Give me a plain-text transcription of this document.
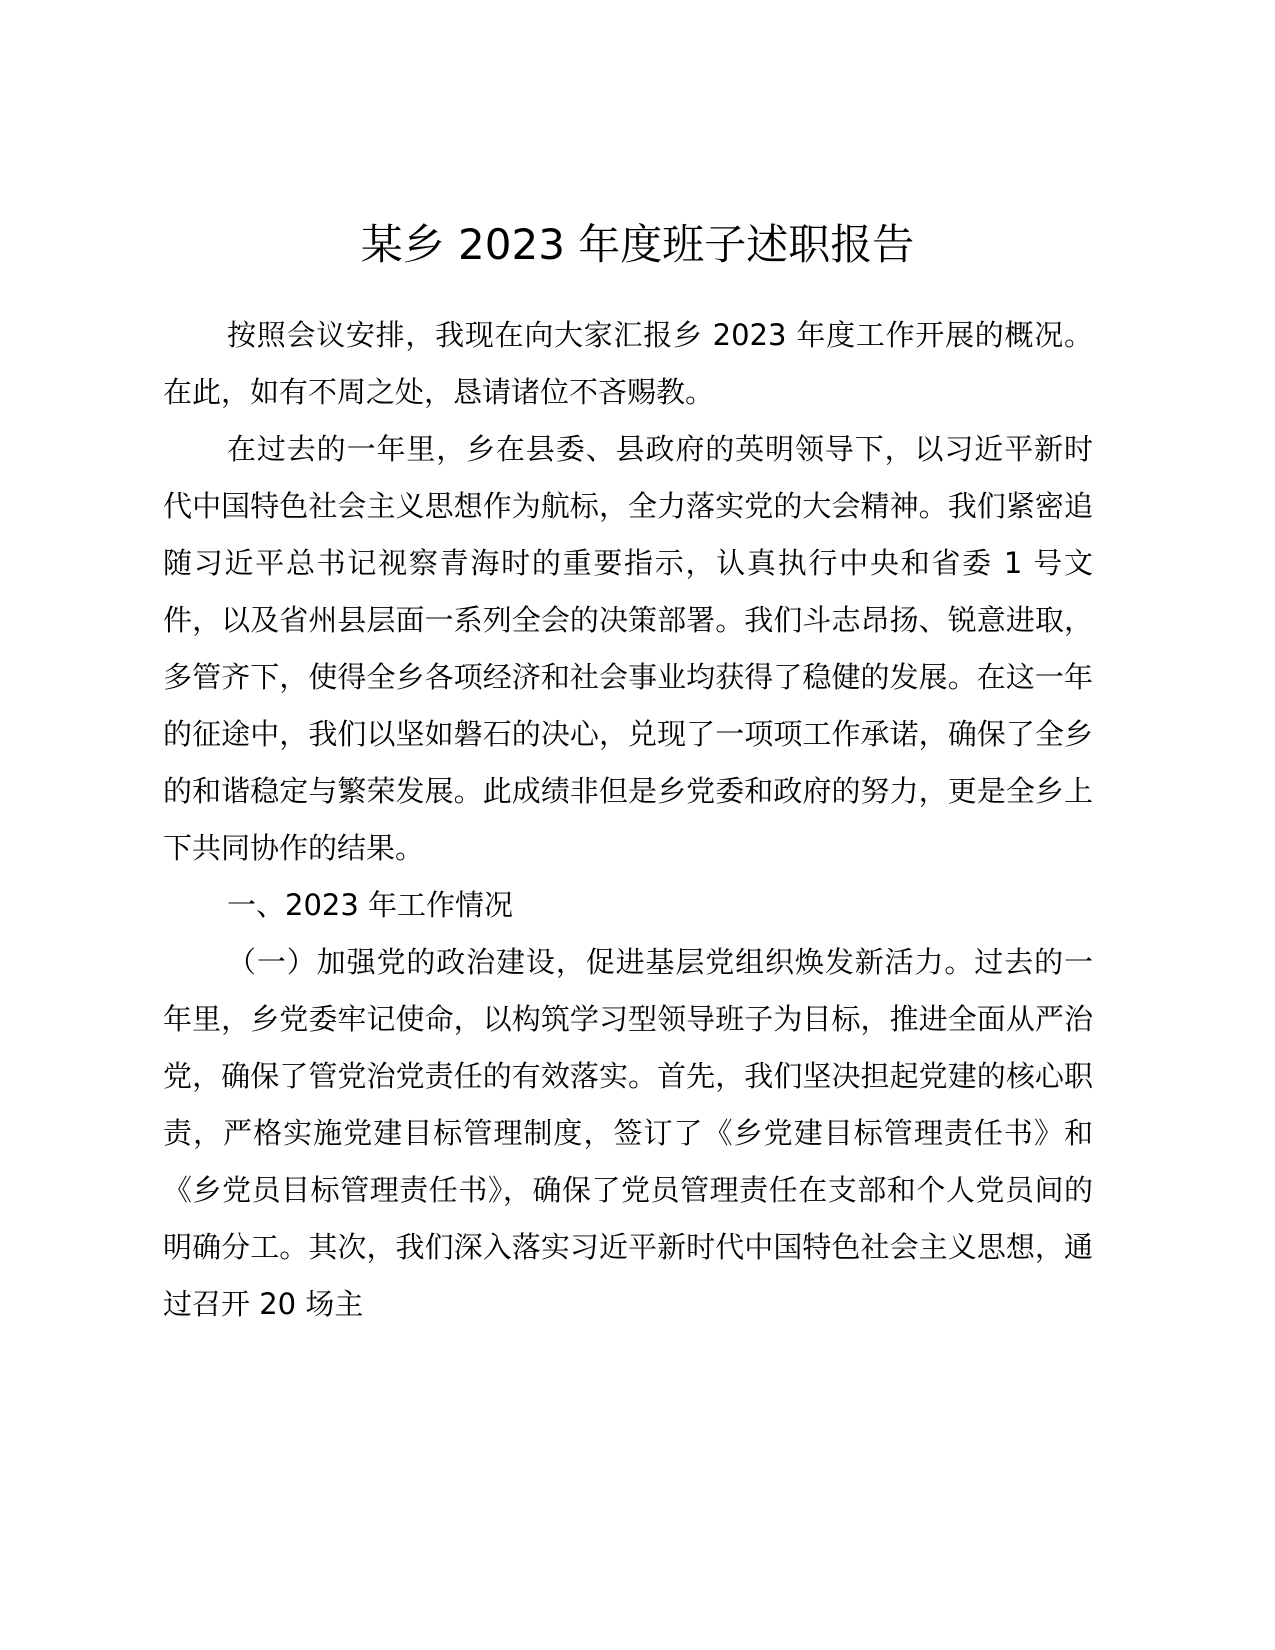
某乡 2023 年度班子述职报告

按照会议安排，我现在向大家汇报乡 2023 年度工作开展的概况。在此，如有不周之处，恳请诸位不吝赐教。

在过去的一年里，乡在县委、县政府的英明领导下，以习近平新时代中国特色社会主义思想作为航标，全力落实党的大会精神。我们紧密追随习近平总书记视察青海时的重要指示，认真执行中央和省委 1 号文件，以及省州县层面一系列全会的决策部署。我们斗志昂扬、锐意进取，多管齐下，使得全乡各项经济和社会事业均获得了稳健的发展。在这一年的征途中，我们以坚如磐石的决心，兑现了一项项工作承诺，确保了全乡的和谐稳定与繁荣发展。此成绩非但是乡党委和政府的努力，更是全乡上下共同协作的结果。

一、2023 年工作情况

（一）加强党的政治建设，促进基层党组织焕发新活力。过去的一年里，乡党委牢记使命，以构筑学习型领导班子为目标，推进全面从严治党，确保了管党治党责任的有效落实。首先，我们坚决担起党建的核心职责，严格实施党建目标管理制度，签订了《乡党建目标管理责任书》和《乡党员目标管理责任书》，确保了党员管理责任在支部和个人党员间的明确分工。其次，我们深入落实习近平新时代中国特色社会主义思想，通过召开 20 场主
